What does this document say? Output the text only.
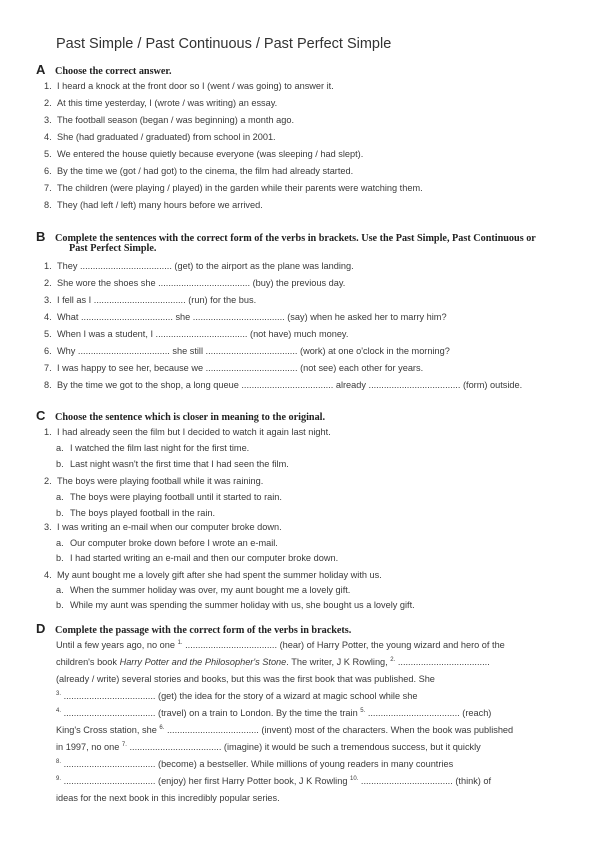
Past Simple / Past Continuous / Past Perfect Simple
A Choose the correct answer.
1. I heard a knock at the front door so I (went / was going) to answer it.
2. At this time yesterday, I (wrote / was writing) an essay.
3. The football season (began / was beginning) a month ago.
4. She (had graduated / graduated) from school in 2001.
5. We entered the house quietly because everyone (was sleeping / had slept).
6. By the time we (got / had got) to the cinema, the film had already started.
7. The children (were playing / played) in the garden while their parents were watching them.
8. They (had left / left) many hours before we arrived.
B Complete the sentences with the correct form of the verbs in brackets. Use the Past Simple, Past Continuous or
Past Perfect Simple.
1. They .................................... (get) to the airport as the plane was landing.
2. She wore the shoes she .................................... (buy) the previous day.
3. I fell as I .................................... (run) for the bus.
4. What .................................... she .................................... (say) when he asked her to marry him?
5. When I was a student, I .................................... (not have) much money.
6. Why .................................... she still .................................... (work) at one o'clock in the morning?
7. I was happy to see her, because we .................................... (not see) each other for years.
8. By the time we got to the shop, a long queue .................................... already .................................... (form) outside.
C Choose the sentence which is closer in meaning to the original.
1. I had already seen the film but I decided to watch it again last night.
a. I watched the film last night for the first time.
b. Last night wasn't the first time that I had seen the film.
2. The boys were playing football while it was raining.
a. The boys were playing football until it started to rain.
b. The boys played football in the rain.
3. I was writing an e-mail when our computer broke down.
a. Our computer broke down before I wrote an e-mail.
b. I had started writing an e-mail and then our computer broke down.
4. My aunt bought me a lovely gift after she had spent the summer holiday with us.
a. When the summer holiday was over, my aunt bought me a lovely gift.
b. While my aunt was spending the summer holiday with us, she bought us a lovely gift.
D Complete the passage with the correct form of the verbs in brackets.
Until a few years ago, no one $^{1.}$ .................................... (hear) of Harry Potter, the young wizard and hero of the
children's book Harry Potter and the Philosopher's Stone. The writer, J K Rowling, $^{2.}$ ....................................
(already / write) several stories and books, but this was the first book that was published. She
$^{3.}$ .................................... (get) the idea for the story of a wizard at magic school while she
$^{4.}$ .................................... (travel) on a train to London. By the time the train $^{5.}$ .................................... (reach)
King's Cross station, she $^{6.}$ .................................... (invent) most of the characters. When the book was published
in 1997, no one $^{7.}$ .................................... (imagine) it would be such a tremendous success, but it quickly
$^{8.}$ .................................... (become) a bestseller. While millions of young readers in many countries
$^{9.}$ .................................... (enjoy) her first Harry Potter book, J K Rowling $^{10.}$ .................................... (think) of
ideas for the next book in this incredibly popular series.
